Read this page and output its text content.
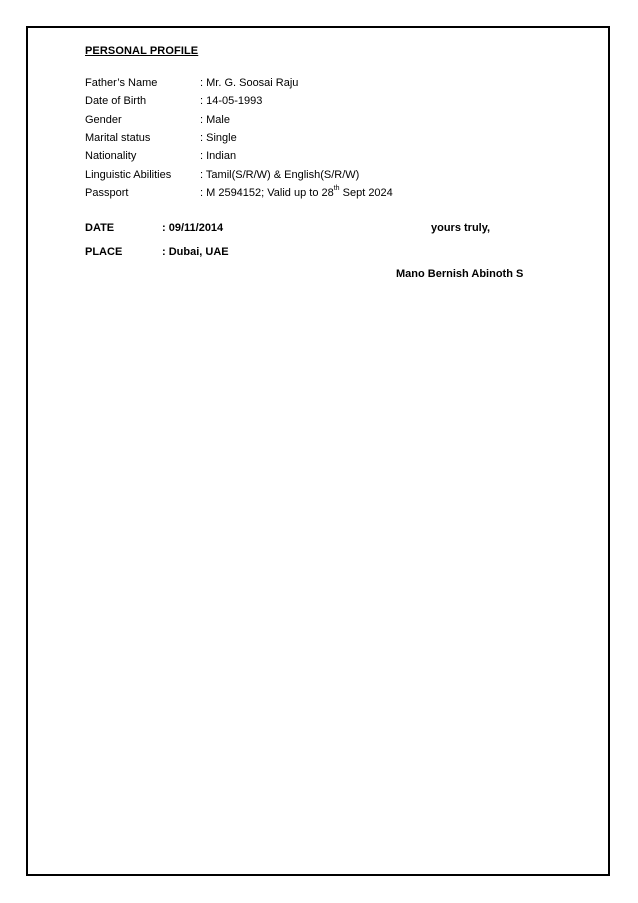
PERSONAL PROFILE
Father’s Name	: Mr. G. Soosai Raju
Date of Birth	: 14-05-1993
Gender	: Male
Marital status	: Single
Nationality	: Indian
Linguistic Abilities	: Tamil(S/R/W) & English(S/R/W)
Passport	: M 2594152; Valid up to 28th Sept 2024
DATE	: 09/11/2014
PLACE	: Dubai, UAE
yours truly,
Mano Bernish Abinoth S
